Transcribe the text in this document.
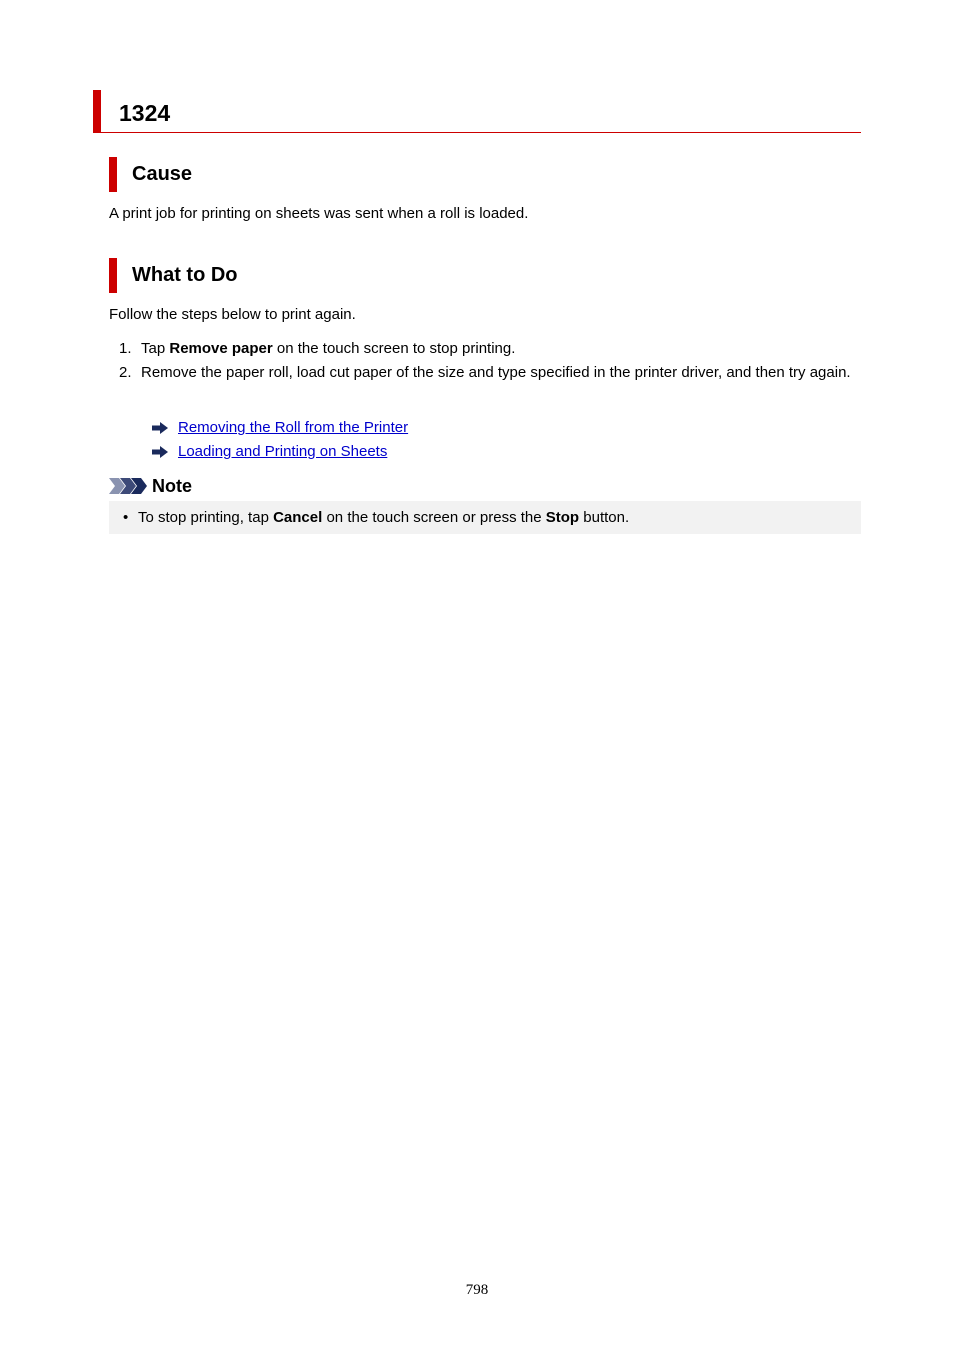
1324
Cause
A print job for printing on sheets was sent when a roll is loaded.
What to Do
Follow the steps below to print again.
1. Tap Remove paper on the touch screen to stop printing.
2. Remove the paper roll, load cut paper of the size and type specified in the printer driver, and then try again.
Removing the Roll from the Printer
Loading and Printing on Sheets
Note
• To stop printing, tap Cancel on the touch screen or press the Stop button.
798
